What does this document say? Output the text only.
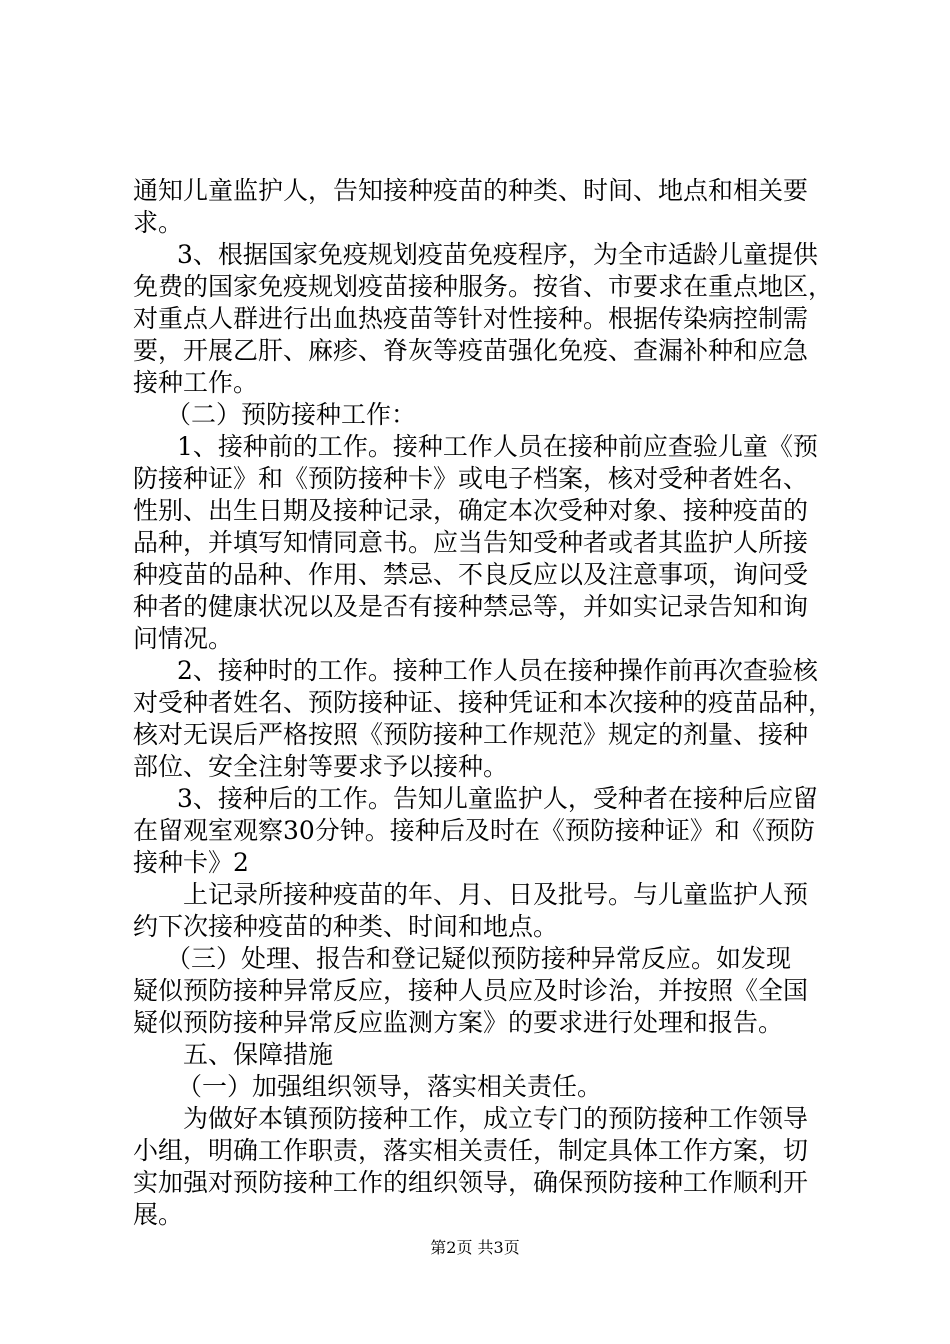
通知儿童监护人，告知接种疫苗的种类、时间、地点和相关要
求。
3、根据国家免疫规划疫苗免疫程序，为全市适龄儿童提供
免费的国家免疫规划疫苗接种服务。按省、市要求在重点地区，
对重点人群进行出血热疫苗等针对性接种。根据传染病控制需
要，开展乙肝、麻疹、脊灰等疫苗强化免疫、查漏补种和应急
接种工作。
（二）预防接种工作：
1、接种前的工作。接种工作人员在接种前应查验儿童《预
防接种证》和《预防接种卡》或电子档案，核对受种者姓名、
性别、出生日期及接种记录，确定本次受种对象、接种疫苗的
品种，并填写知情同意书。应当告知受种者或者其监护人所接
种疫苗的品种、作用、禁忌、不良反应以及注意事项，询问受
种者的健康状况以及是否有接种禁忌等，并如实记录告知和询
问情况。
2、接种时的工作。接种工作人员在接种操作前再次查验核
对受种者姓名、预防接种证、接种凭证和本次接种的疫苗品种，
核对无误后严格按照《预防接种工作规范》规定的剂量、接种
部位、安全注射等要求予以接种。
3、接种后的工作。告知儿童监护人，受种者在接种后应留
在留观室观察30分钟。接种后及时在《预防接种证》和《预防
接种卡》2
上记录所接种疫苗的年、月、日及批号。与儿童监护人预
约下次接种疫苗的种类、时间和地点。
（三）处理、报告和登记疑似预防接种异常反应。如发现
疑似预防接种异常反应，接种人员应及时诊治，并按照《全国
疑似预防接种异常反应监测方案》的要求进行处理和报告。
五、保障措施
（一）加强组织领导，落实相关责任。
为做好本镇预防接种工作，成立专门的预防接种工作领导
小组，明确工作职责，落实相关责任，制定具体工作方案，切
实加强对预防接种工作的组织领导，确保预防接种工作顺利开
展。
第2页 共3页
